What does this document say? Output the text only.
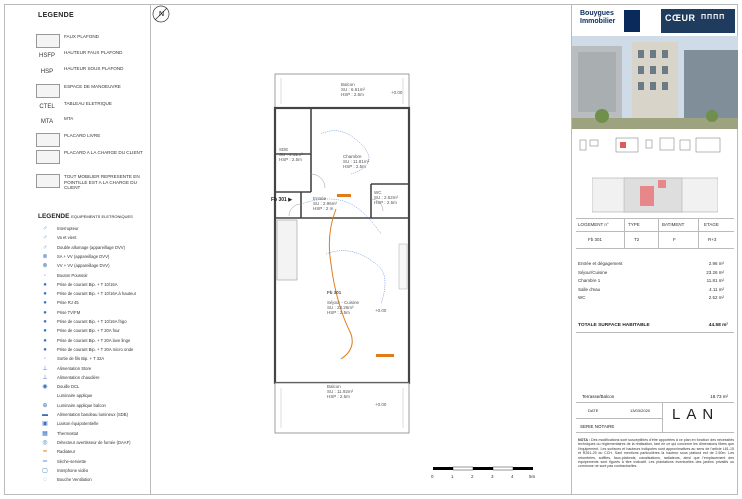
LEGENDE
FAUX PLAFOND
HSFP
HAUTEUR FAUX PLAFOND
HSP
HAUTEUR SOUS PLAFOND
ESPACE DE MANOEUVRE
CTEL
TABLEAU ELETRIQUE
MTA
MTA
PLACARD LIVRE
PLACARD A LA CHARGE DU CLIENT
TOUT MOBILIER REPRESENTE EN POINTILLE EST A LA CHARGE DU CLIENT
LEGENDE EQUIPEMENTS ELETRONIQUES
♂	Interrupteur
♂	Va et vient
♂	Double allumage (appareillage DVV)
⊗	SA + VV (appareillage DVV)
⊗	VV + VV (appareillage DVV)
◦	Bouton Poussoir
●	Prise de courant Bip. + T 10/16A
●	Prise de courant Bip. + T 10/16A à hauteur
●	Prise RJ 45
●	Prise TV/FM
●	Prise de courant Bip. + T 10/16A frigo
●	Prise de courant Bip. + T 20A four
●	Prise de courant Bip. + T 20A lave linge
●	Prise de courant Bip. + T 20A micro onde
◦	Sortie de fils Bip. + T 32A
⊥	Alimentation Store
⊥	Alimentation chaudière
◉	Douille DCL
Luminaire applique
⊕	Luminaire applique balcon
▬	Alimentation bandeau lumineux (SDB)
▣	Liaison équipotentielle
▦	Thermostat
◎	Détecteur avertisseur de fumée (DAAF)
━	Radiateur
═	Sèche-serviette
▢	Interphone vidéo
◌	Bouche Ventilation
Balcon
SU : 6.61m²
HSP : 2.5m	+0.00
SDE
SU : 4.11m²
HSP : 2.5m
Chambre
SU : 11.81m²
HSP : 2.5m
WC
SU : 2.52m²
HSP : 2.5m
Entrée
SU : 2.96m²
HSP : 2 m
Fb 301
Séjour - Cuisine
SU : 23.26m²
HSP : 2.5m	+0.00
Balcon
SU : 11.92m²
HSP : 2.5m
+0.00
Fb 301 ▶
0	1	2	3	4	5m
N	Bouygues
Immobilier	CŒUR ΠΠΠΠ
LOGEMENT n°	TYPE	BATIMENT	ETAGE
Fb 301	T2	F	R+3
Entrée et dégagement	2.96 m²
Séjour/Cuisine	23.26 m²
Chambre 1	11.81 m²
Salle d'eau	4.11 m²
WC	2.52 m²
TOTALE SURFACE HABITABLE	44.58 m²
Terrasse/Balcon	18.73 m²
DATE	13/03/2020 LAN
SERIE NOTAIRE
NOTA : Des modifications sont susceptibles d'être apportées à ce plan en fonction des nécessités techniques ou réglementaires de la réalisation, tant en ce qui concerne les dimensions libres que l'équipement. Les surfaces et hauteurs indiquées sont approximatives au sens de l'article L61-15 et R261-25 du CCH. Sauf mentions particulières la hauteur sous plafond est de 2.50m. Les retombées, soffites, faux-plafonds, canalisations, radiateurs, ainsi que l'emplacement des équipements sont figurés à titre indicatif. Les plantations éventuelles des jardins privatifs ou communs ne sont pas contractuelles.
